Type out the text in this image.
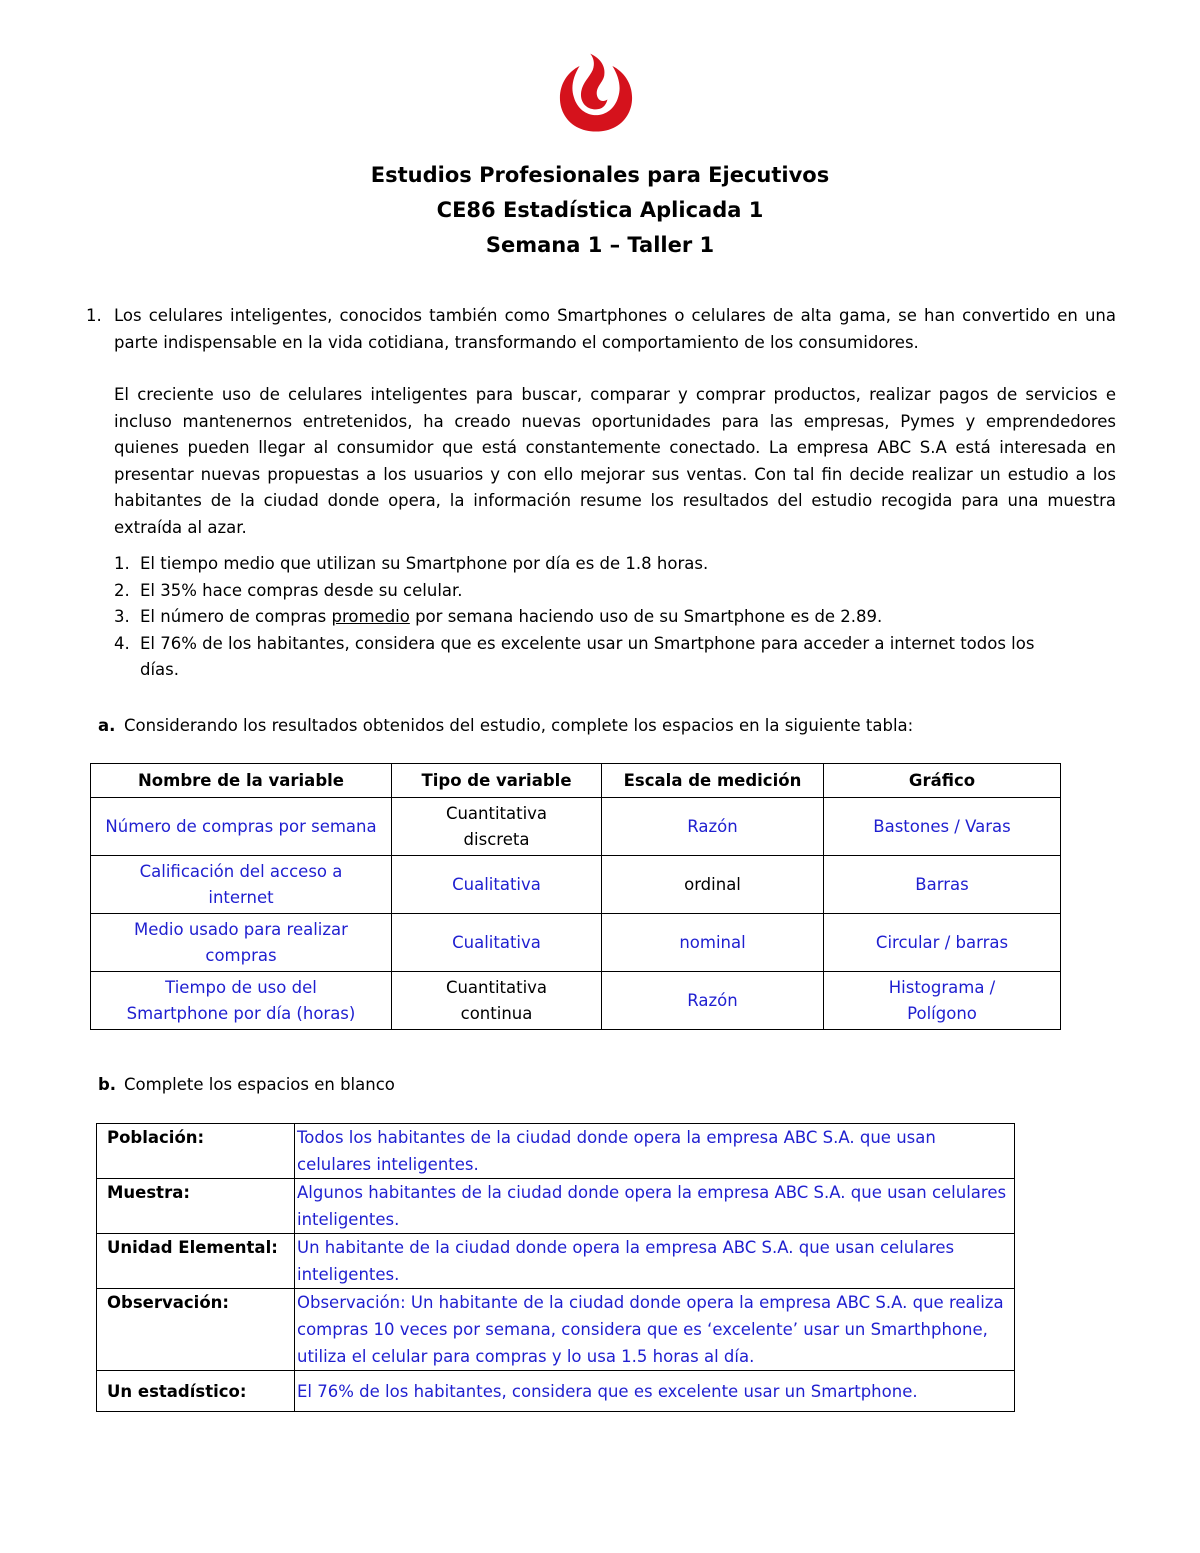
Estudios Profesionales para Ejecutivos
CE86 Estadística Aplicada 1
Semana 1 – Taller 1
1. Los celulares inteligentes, conocidos también como Smartphones o celulares de alta gama, se han convertido en una parte indispensable en la vida cotidiana, transformando el comportamiento de los consumidores.

El creciente uso de celulares inteligentes para buscar, comparar y comprar productos, realizar pagos de servicios e incluso mantenernos entretenidos, ha creado nuevas oportunidades para las empresas, Pymes y emprendedores quienes pueden llegar al consumidor que está constantemente conectado. La empresa ABC S.A está interesada en presentar nuevas propuestas a los usuarios y con ello mejorar sus ventas. Con tal fin decide realizar un estudio a los habitantes de la ciudad donde opera, la información resume los resultados del estudio recogida para una muestra extraída al azar.

1. El tiempo medio que utilizan su Smartphone por día es de 1.8 horas.
2. El 35% hace compras desde su celular.
3. El número de compras promedio por semana haciendo uso de su Smartphone es de 2.89.
4. El 76% de los habitantes, considera que es excelente usar un Smartphone para acceder a internet todos los días.
a. Considerando los resultados obtenidos del estudio, complete los espacios en la siguiente tabla:
Nombre de la variable	Tipo de variable	Escala de medición	Gráfico
Número de compras por semana	Cuantitativa discreta	Razón	Bastones / Varas
Calificación del acceso a internet	Cualitativa	ordinal	Barras
Medio usado para realizar compras	Cualitativa	nominal	Circular / barras
Tiempo de uso del Smartphone por día (horas)	Cuantitativa continua	Razón	Histograma / Polígono
b. Complete los espacios en blanco
Población:	Todos los habitantes de la ciudad donde opera la empresa ABC S.A. que usan celulares inteligentes.
Muestra:	Algunos habitantes de la ciudad donde opera la empresa ABC S.A. que usan celulares inteligentes.
Unidad Elemental:	Un habitante de la ciudad donde opera la empresa ABC S.A. que usan celulares inteligentes.
Observación:	Observación: Un habitante de la ciudad donde opera la empresa ABC S.A. que realiza compras 10 veces por semana, considera que es ‘excelente’ usar un Smarthphone, utiliza el celular para compras y lo usa 1.5 horas al día.
Un estadístico:	El 76% de los habitantes, considera que es excelente usar un Smartphone.
